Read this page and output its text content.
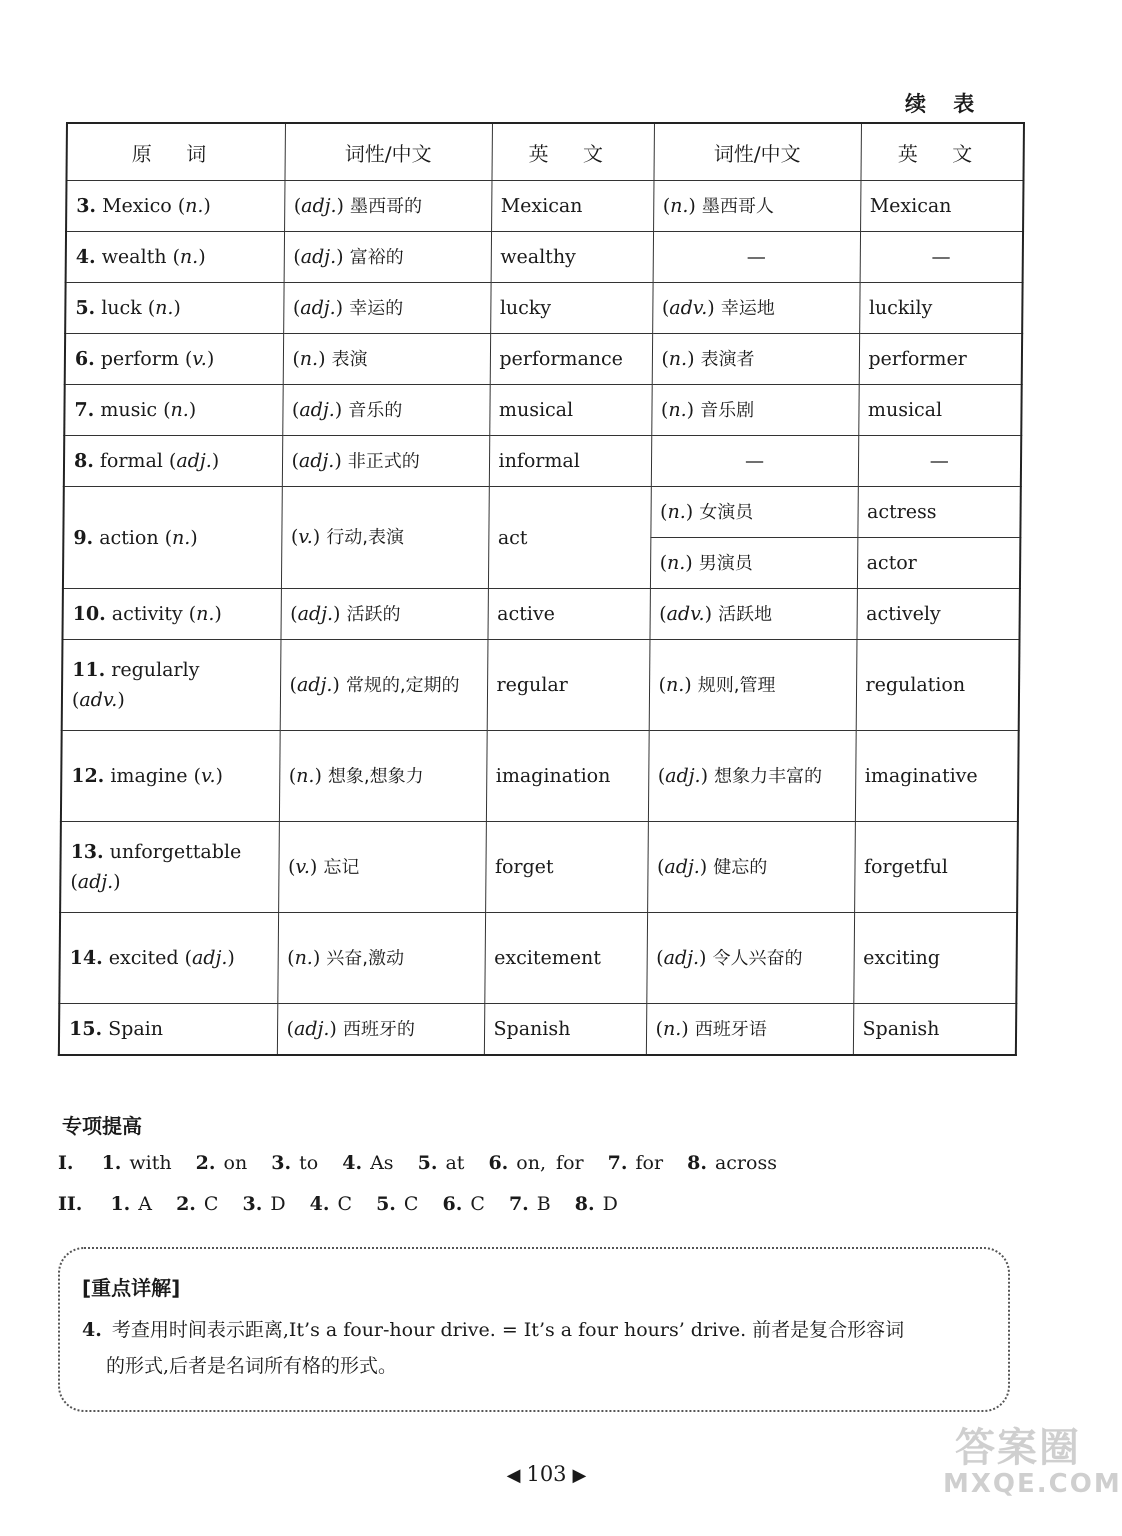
续 表
原 词	词性/中文	英 文	词性/中文	英 文
3. Mexico (n.)	(adj.) 墨西哥的	Mexican	(n.) 墨西哥人	Mexican
4. wealth (n.)	(adj.) 富裕的	wealthy	—	—
5. luck (n.)	(adj.) 幸运的	lucky	(adv.) 幸运地	luckily
6. perform (v.)	(n.) 表演	performance	(n.) 表演者	performer
7. music (n.)	(adj.) 音乐的	musical	(n.) 音乐剧	musical
8. formal (adj.)	(adj.) 非正式的	informal	—	—
9. action (n.)	(v.) 行动,表演	act	(n.) 女演员	actress
			(n.) 男演员	actor
10. activity (n.)	(adj.) 活跃的	active	(adv.) 活跃地	actively
11. regularly
(adv.)	(adj.) 常规的,定期的	regular	(n.) 规则,管理	regulation
12. imagine (v.)	(n.) 想象,想象力	imagination	(adj.) 想象力丰富的	imaginative
13. unforgettable
(adj.)	(v.) 忘记	forget	(adj.) 健忘的	forgetful
14. excited (adj.)	(n.) 兴奋,激动	excitement	(adj.) 令人兴奋的	exciting
15. Spain	(adj.) 西班牙的	Spanish	(n.) 西班牙语	Spanish
专项提高
I. 1. with 2. on 3. to 4. As 5. at 6. on, for 7. for 8. across
II. 1. A 2. C 3. D 4. C 5. C 6. C 7. B 8. D
[重点详解]
4. 考查用时间表示距离,It’s a four-hour drive. = It’s a four hours’ drive. 前者是复合形容词
的形式,后者是名词所有格的形式。
◀ 103 ▶
答案圈
MXQE.COM
